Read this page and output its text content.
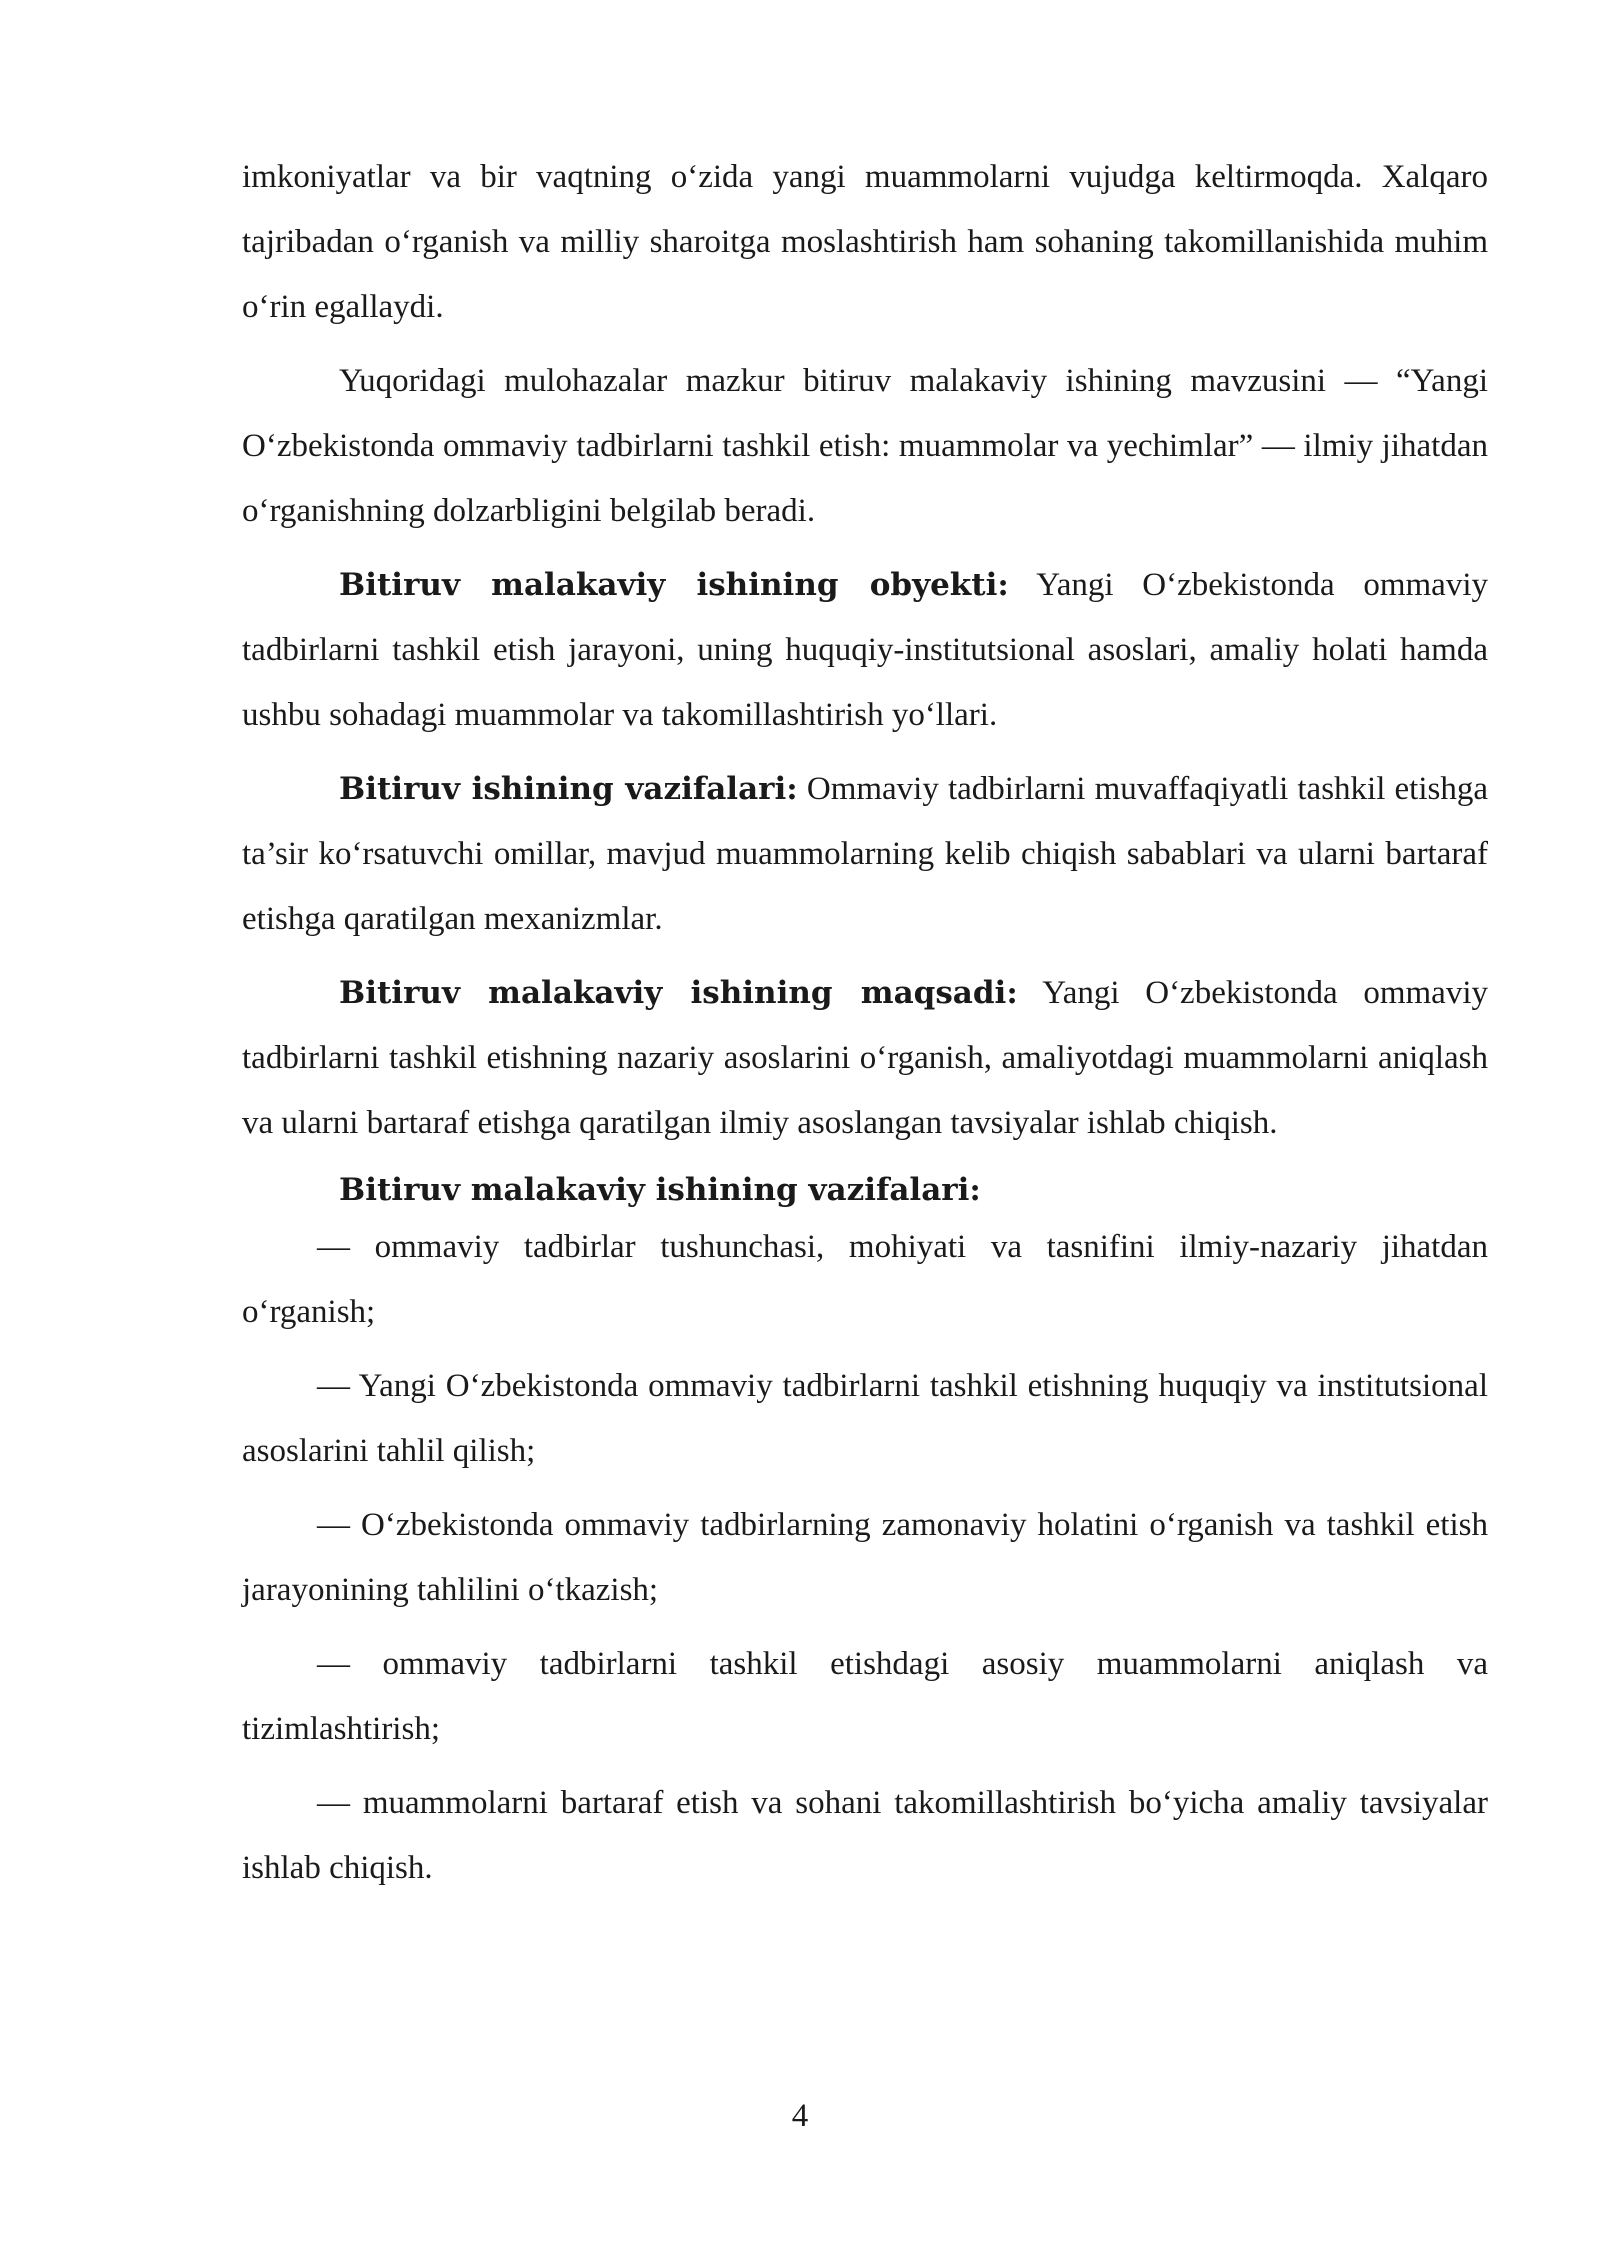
imkoniyatlar va bir vaqtning o‘zida yangi muammolarni vujudga keltirmoqda. Xalqaro tajribadan o‘rganish va milliy sharoitga moslashtirish ham sohaning takomillanishida muhim o‘rin egallaydi.

Yuqoridagi mulohazalar mazkur bitiruv malakaviy ishining mavzusini — “Yangi O‘zbekistonda ommaviy tadbirlarni tashkil etish: muammolar va yechimlar” — ilmiy jihatdan o‘rganishning dolzarbligini belgilab beradi.

Bitiruv malakaviy ishining obyekti: Yangi O‘zbekistonda ommaviy tadbirlarni tashkil etish jarayoni, uning huquqiy-institutsional asoslari, amaliy holati hamda ushbu sohadagi muammolar va takomillashtirish yo‘llari.

Bitiruv ishining vazifalari: Ommaviy tadbirlarni muvaffaqiyatli tashkil etishga ta’sir ko‘rsatuvchi omillar, mavjud muammolarning kelib chiqish sabablari va ularni bartaraf etishga qaratilgan mexanizmlar.

Bitiruv malakaviy ishining maqsadi: Yangi O‘zbekistonda ommaviy tadbirlarni tashkil etishning nazariy asoslarini o‘rganish, amaliyotdagi muammolarni aniqlash va ularni bartaraf etishga qaratilgan ilmiy asoslangan tavsiyalar ishlab chiqish.

Bitiruv malakaviy ishining vazifalari:

— ommaviy tadbirlar tushunchasi, mohiyati va tasnifini ilmiy-nazariy jihatdan o‘rganish;

— Yangi O‘zbekistonda ommaviy tadbirlarni tashkil etishning huquqiy va institutsional asoslarini tahlil qilish;

— O‘zbekistonda ommaviy tadbirlarning zamonaviy holatini o‘rganish va tashkil etish jarayonining tahlilini o‘tkazish;

— ommaviy tadbirlarni tashkil etishdagi asosiy muammolarni aniqlash va tizimlashtirish;

— muammolarni bartaraf etish va sohani takomillashtirish bo‘yicha amaliy tavsiyalar ishlab chiqish.

4
